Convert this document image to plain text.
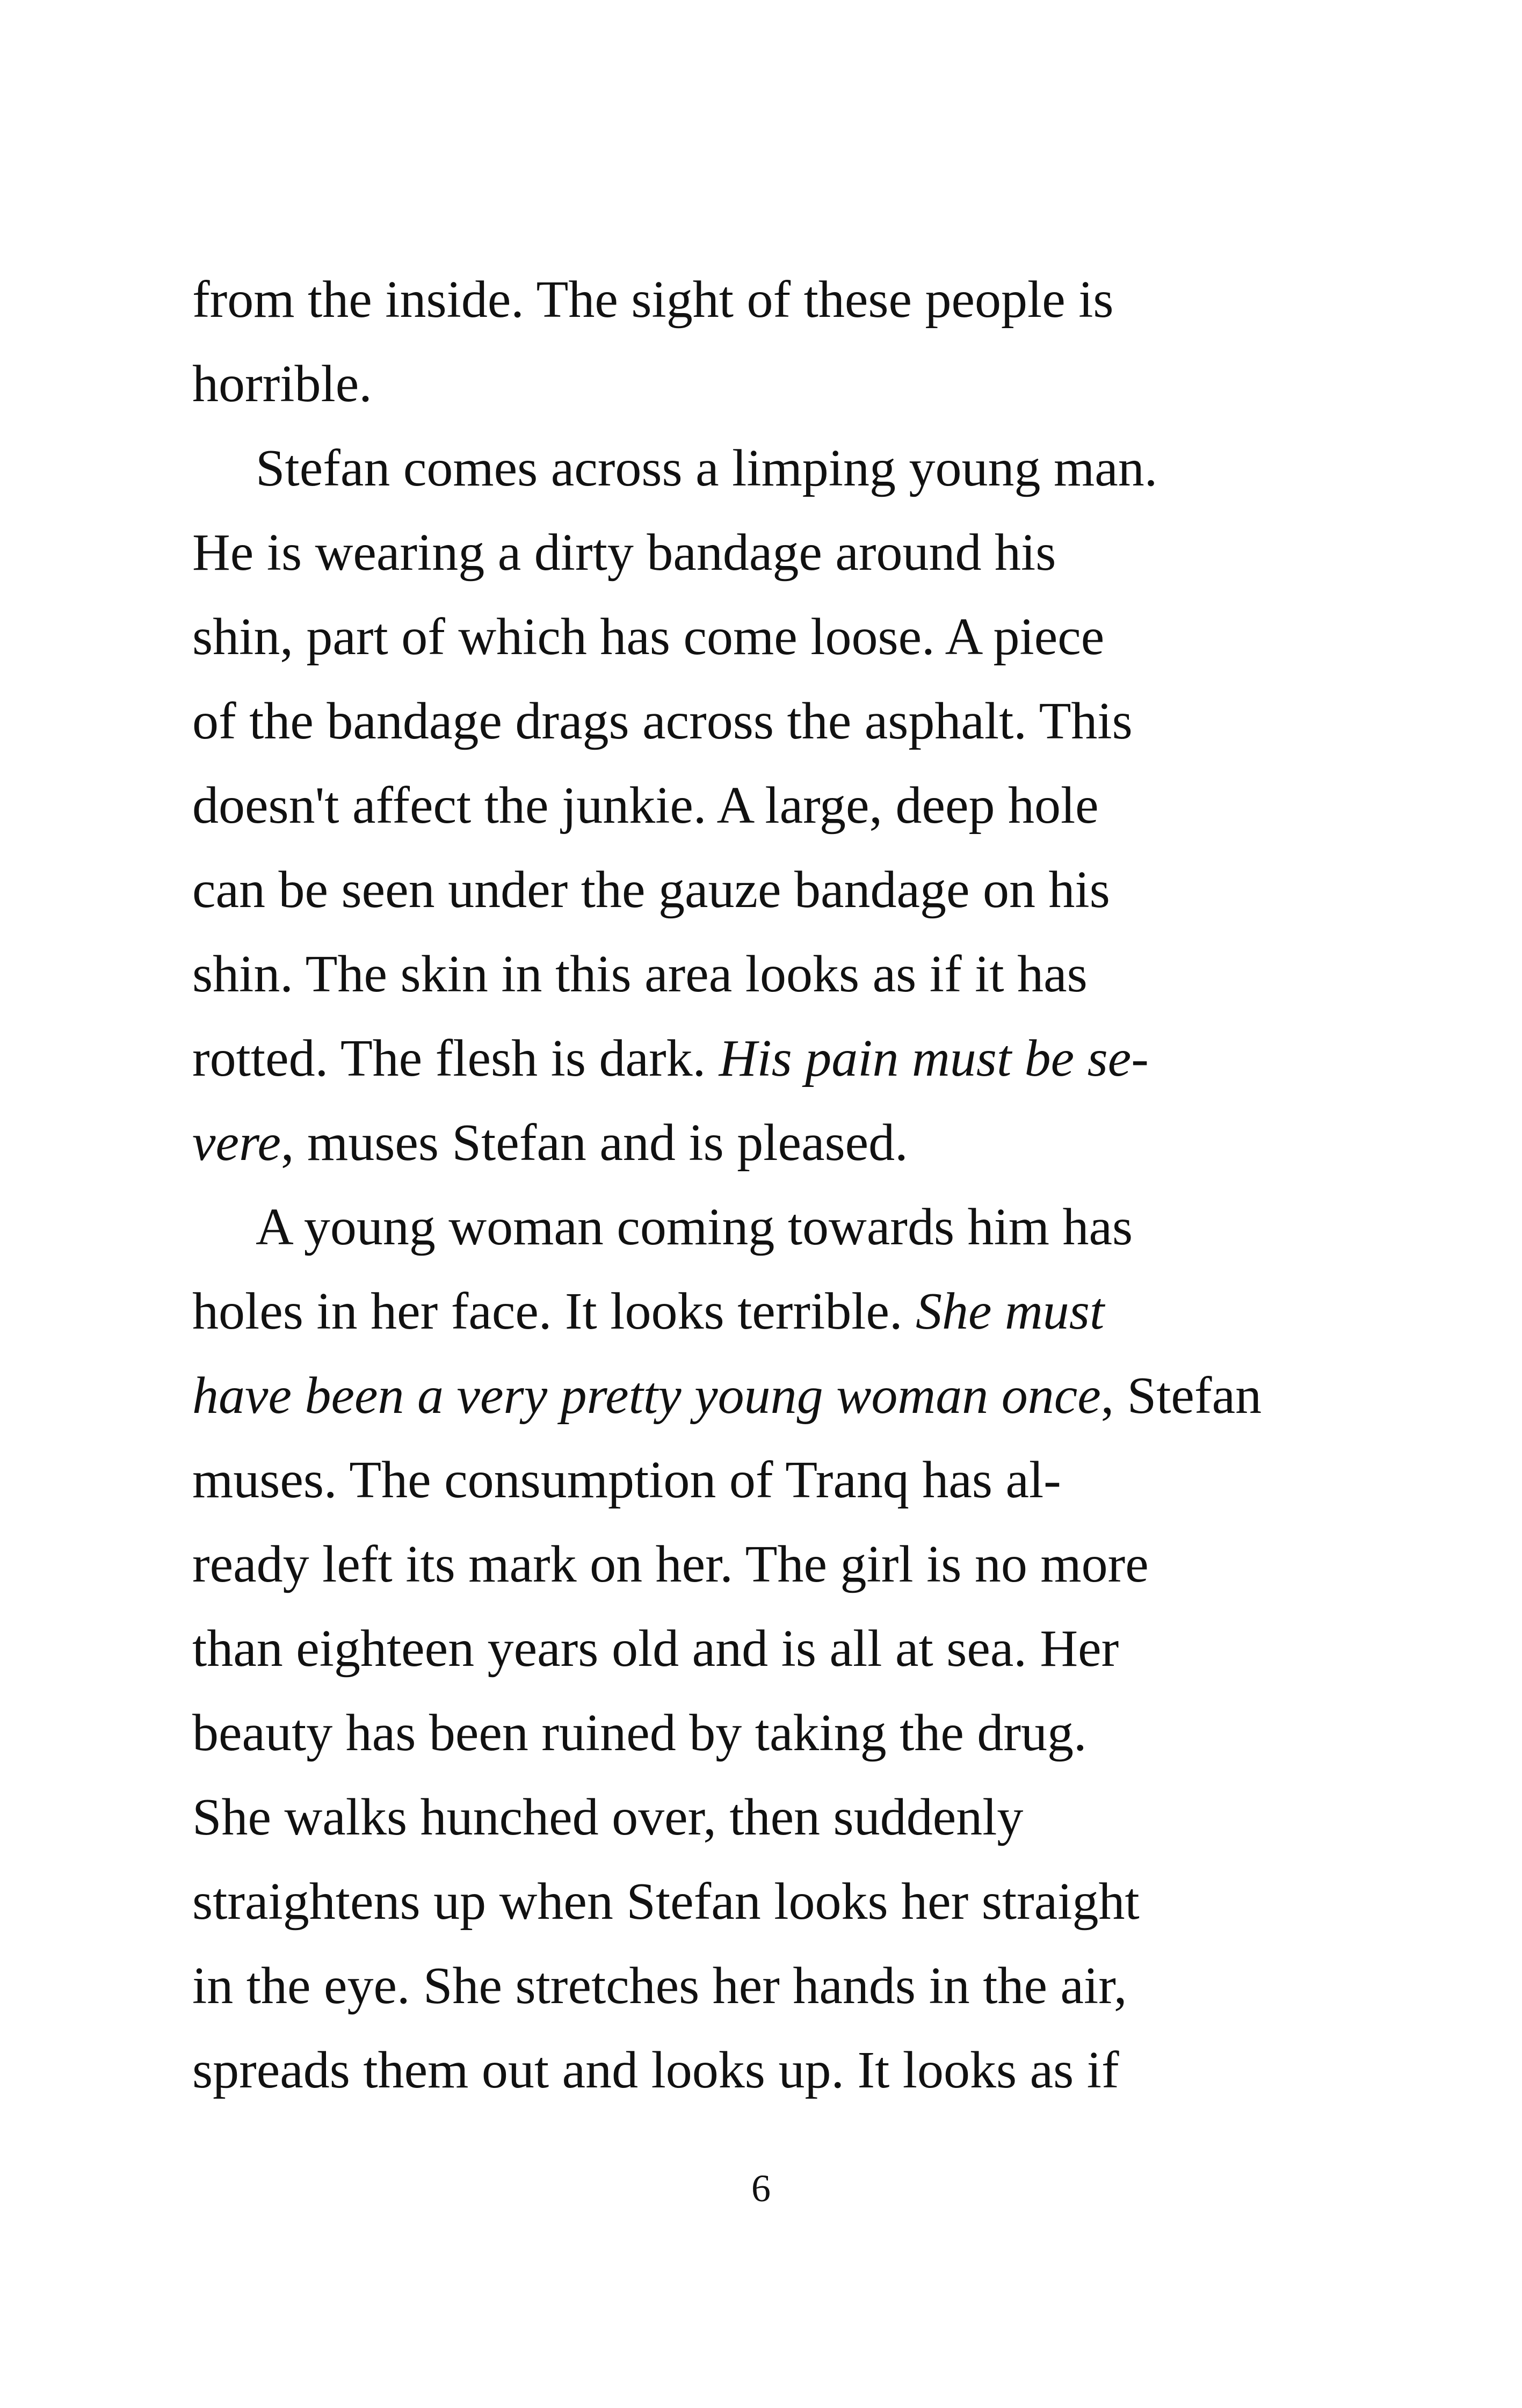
from the inside. The sight of these people is
horrible.
Stefan comes across a limping young man.
He is wearing a dirty bandage around his
shin, part of which has come loose. A piece
of the bandage drags across the asphalt. This
doesn't affect the junkie. A large, deep hole
can be seen under the gauze bandage on his
shin. The skin in this area looks as if it has
rotted. The flesh is dark. His pain must be se-
vere, muses Stefan and is pleased.
A young woman coming towards him has
holes in her face. It looks terrible. She must
have been a very pretty young woman once, Stefan
muses. The consumption of Tranq has al-
ready left its mark on her. The girl is no more
than eighteen years old and is all at sea. Her
beauty has been ruined by taking the drug.
She walks hunched over, then suddenly
straightens up when Stefan looks her straight
in the eye. She stretches her hands in the air,
spreads them out and looks up. It looks as if
6
